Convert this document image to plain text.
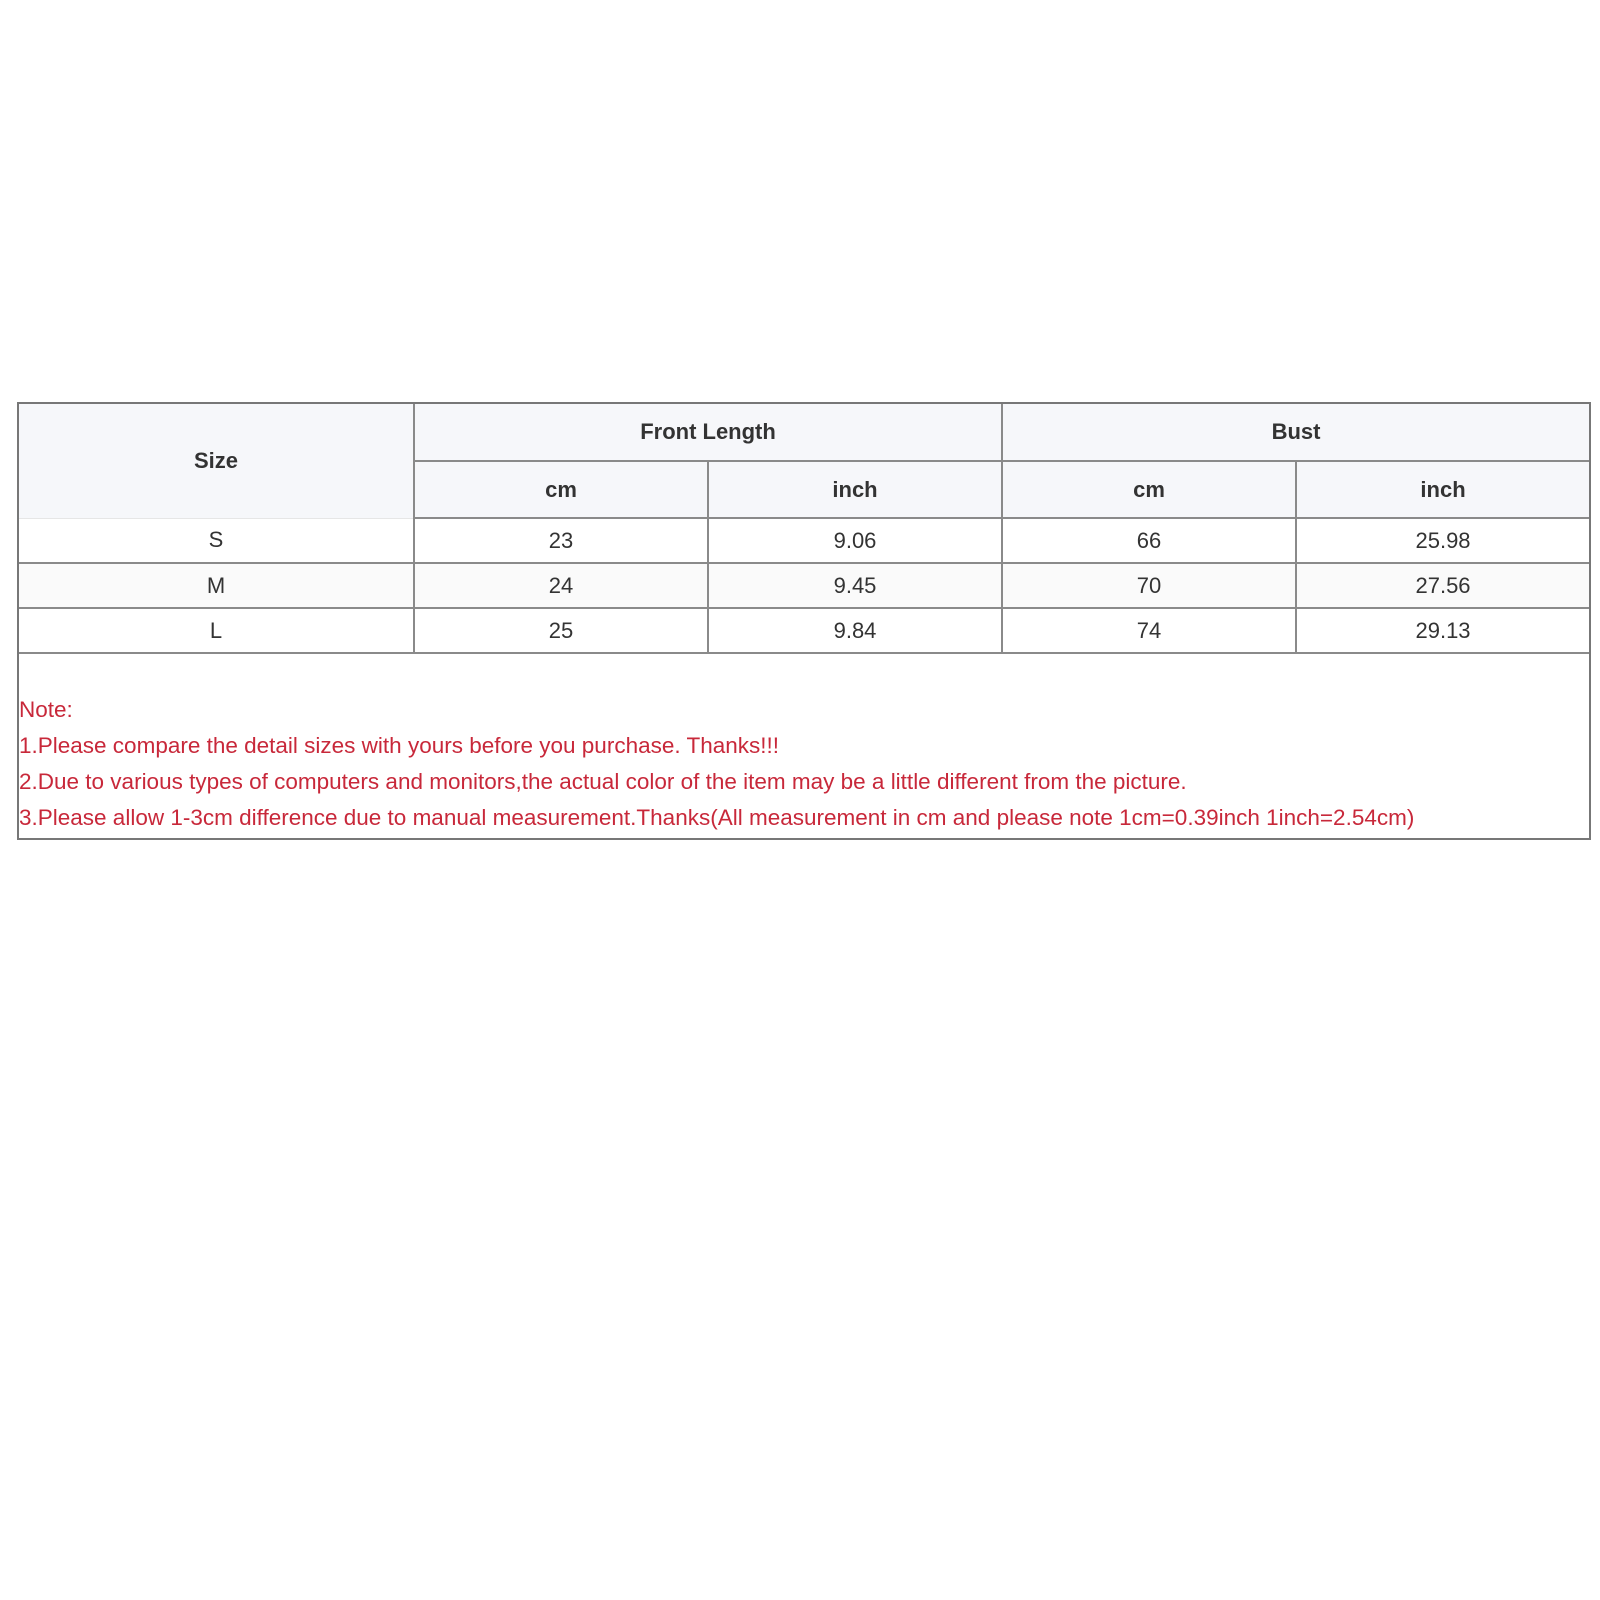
Size	Front Length		Bust	
	cm	inch	cm	inch
S	23	9.06	66	25.98
M	24	9.45	70	27.56
L	25	9.84	74	29.13
Note:
1.Please compare the detail sizes with yours before you purchase. Thanks!!!
2.Due to various types of computers and monitors,the actual color of the item may be a little different from the picture.
3.Please allow 1-3cm difference due to manual measurement.Thanks(All measurement in cm and please note 1cm=0.39inch 1inch=2.54cm)
